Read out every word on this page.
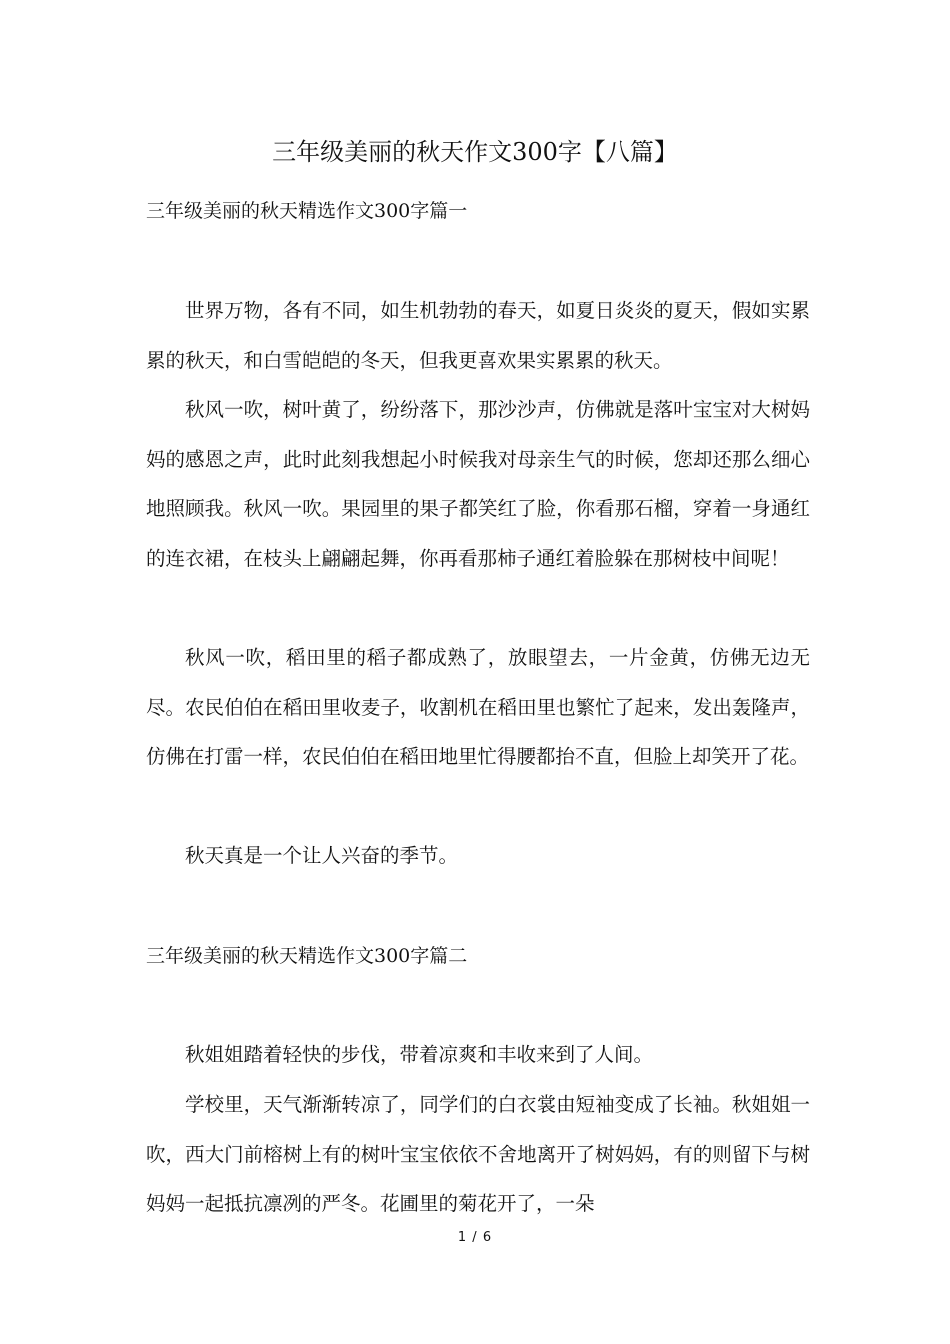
三年级美丽的秋天作文300字【八篇】
三年级美丽的秋天精选作文300字篇一

世界万物，各有不同，如生机勃勃的春天，如夏日炎炎的夏天，假如实累累的秋天，和白雪皑皑的冬天，但我更喜欢果实累累的秋天。

秋风一吹，树叶黄了，纷纷落下，那沙沙声，仿佛就是落叶宝宝对大树妈妈的感恩之声，此时此刻我想起小时候我对母亲生气的时候，您却还那么细心地照顾我。秋风一吹。果园里的果子都笑红了脸，你看那石榴，穿着一身通红的连衣裙，在枝头上翩翩起舞，你再看那柿子通红着脸躲在那树枝中间呢！

秋风一吹，稻田里的稻子都成熟了，放眼望去，一片金黄，仿佛无边无尽。农民伯伯在稻田里收麦子，收割机在稻田里也繁忙了起来，发出轰隆声，仿佛在打雷一样，农民伯伯在稻田地里忙得腰都抬不直，但脸上却笑开了花。

秋天真是一个让人兴奋的季节。

三年级美丽的秋天精选作文300字篇二

秋姐姐踏着轻快的步伐，带着凉爽和丰收来到了人间。

学校里，天气渐渐转凉了，同学们的白衣裳由短袖变成了长袖。秋姐姐一吹，西大门前榕树上有的树叶宝宝依依不舍地离开了树妈妈，有的则留下与树妈妈一起抵抗凛冽的严冬。花圃里的菊花开了，一朵

1 / 6
